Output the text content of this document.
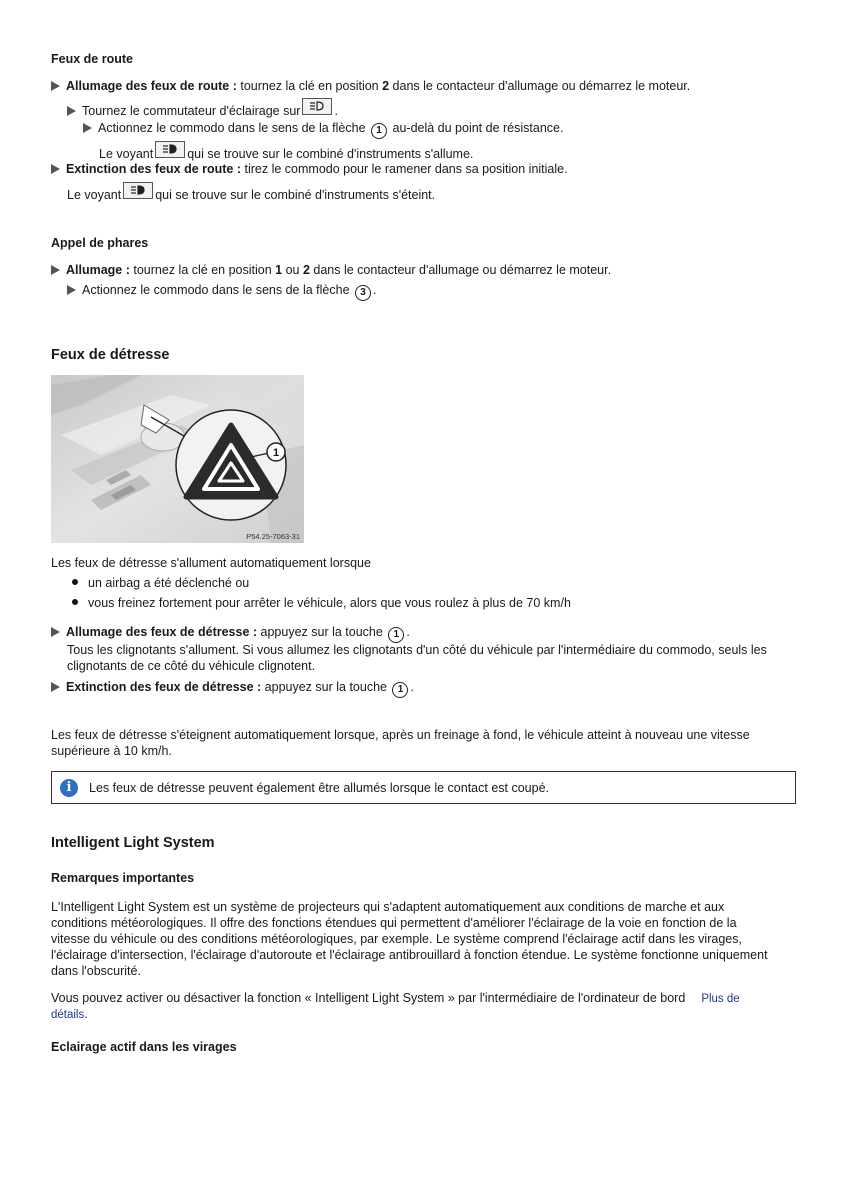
Feux de route
Allumage des feux de route : tournez la clé en position 2 dans le contacteur d'allumage ou démarrez le moteur.
Tournez le commutateur d'éclairage sur	.
Actionnez le commodo dans le sens de la flèche 1 au-delà du point de résistance.
Le voyant	qui se trouve sur le combiné d'instruments s'allume.
Extinction des feux de route : tirez le commodo pour le ramener dans sa position initiale.
Le voyant	qui se trouve sur le combiné d'instruments s'éteint.
Appel de phares
Allumage : tournez la clé en position 1 ou 2 dans le contacteur d'allumage ou démarrez le moteur.
Actionnez le commodo dans le sens de la flèche 3 .
Feux de détresse
1
P54.25-7063-31
Les feux de détresse s'allument automatiquement lorsque
un airbag a été déclenché ou
vous freinez fortement pour arrêter le véhicule, alors que vous roulez à plus de 70 km/h
Allumage des feux de détresse : appuyez sur la touche 1 .
Tous les clignotants s'allument. Si vous allumez les clignotants d'un côté du véhicule par l'intermédiaire du commodo, seuls les
clignotants de ce côté du véhicule clignotent.
Extinction des feux de détresse : appuyez sur la touche 1 .
Les feux de détresse s'éteignent automatiquement lorsque, après un freinage à fond, le véhicule atteint à nouveau une vitesse
supérieure à 10 km/h.
i	Les feux de détresse peuvent également être allumés lorsque le contact est coupé.
Intelligent Light System
Remarques importantes
L'Intelligent Light System est un système de projecteurs qui s'adaptent automatiquement aux conditions de marche et aux
conditions météorologiques. Il offre des fonctions étendues qui permettent d'améliorer l'éclairage de la voie en fonction de la
vitesse du véhicule ou des conditions météorologiques, par exemple. Le système comprend l'éclairage actif dans les virages,
l'éclairage d'intersection, l'éclairage d'autoroute et l'éclairage antibrouillard à fonction étendue. Le système fonctionne uniquement
dans l'obscurité.
Vous pouvez activer ou désactiver la fonction « Intelligent Light System » par l'intermédiaire de l'ordinateur de bord Plus de
détails.
Eclairage actif dans les virages
